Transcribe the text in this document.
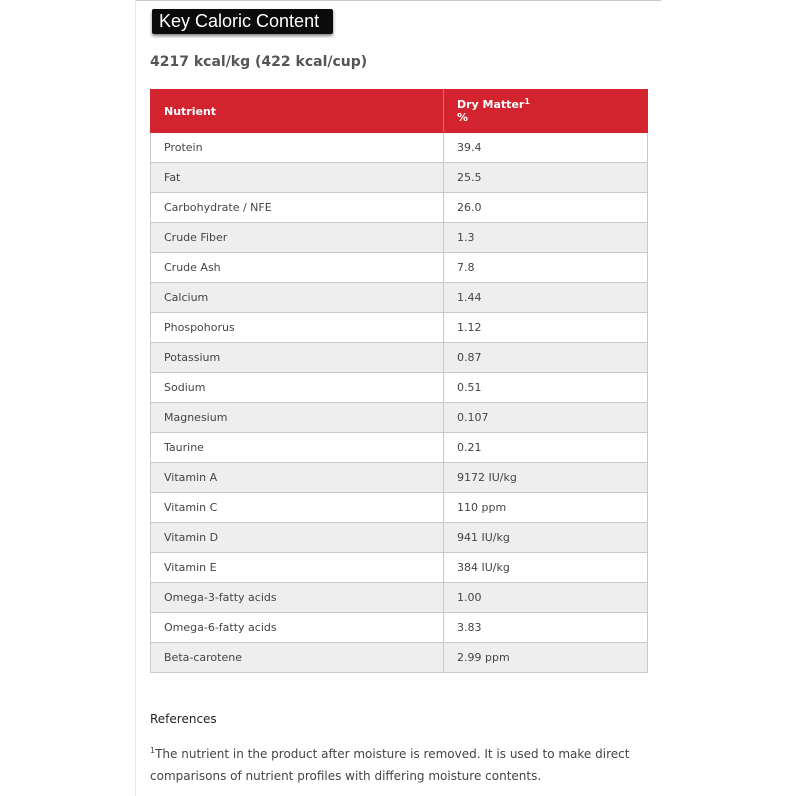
Key Caloric Content
4217 kcal/kg (422 kcal/cup)
Nutrient	Dry Matter$^1$
%
Protein	39.4
Fat	25.5
Carbohydrate / NFE	26.0
Crude Fiber	1.3
Crude Ash	7.8
Calcium	1.44
Phospohorus	1.12
Potassium	0.87
Sodium	0.51
Magnesium	0.107
Taurine	0.21
Vitamin A	9172 IU/kg
Vitamin C	110 ppm
Vitamin D	941 IU/kg
Vitamin E	384 IU/kg
Omega-3-fatty acids	1.00
Omega-6-fatty acids	3.83
Beta-carotene	2.99 ppm
References
$^1$The nutrient in the product after moisture is removed. It is used to make direct comparisons of nutrient profiles with differing moisture contents.
